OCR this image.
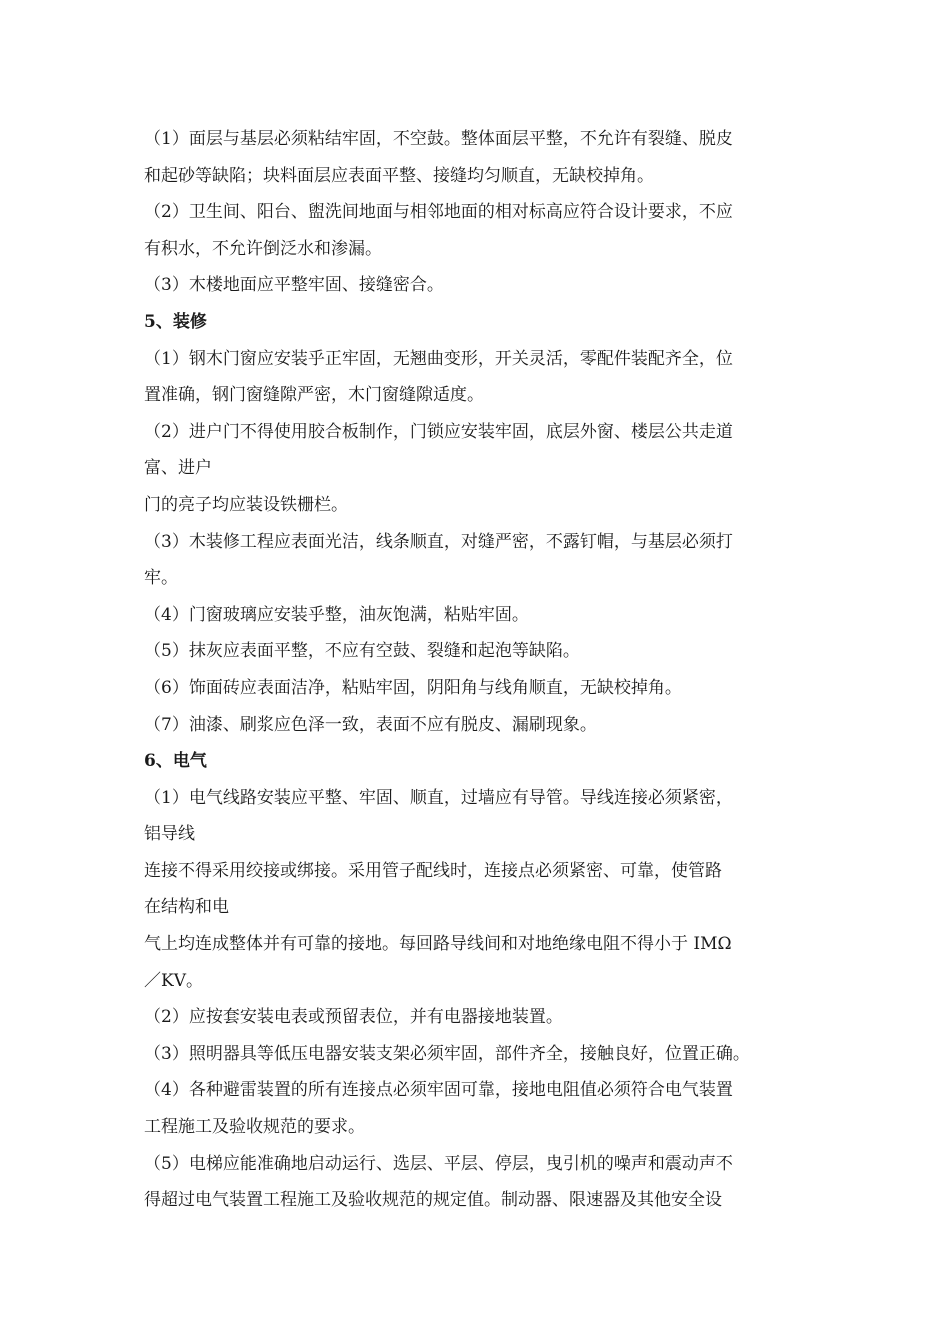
（1）面层与基层必须粘结牢固，不空鼓。整体面层平整，不允许有裂缝、脱皮
和起砂等缺陷；块料面层应表面平整、接缝均匀顺直，无缺校掉角。
（2）卫生间、阳台、盥洗间地面与相邻地面的相对标高应符合设计要求，不应
有积水，不允许倒泛水和渗漏。
（3）木楼地面应平整牢固、接缝密合。
5、装修
（1）钢木门窗应安装乎正牢固，无翘曲变形，开关灵活，零配件装配齐全，位
置准确，钢门窗缝隙严密，木门窗缝隙适度。
（2）进户门不得使用胶合板制作，门锁应安装牢固，底层外窗、楼层公共走道
富、进户
门的亮子均应装设铁栅栏。
（3）木装修工程应表面光洁，线条顺直，对缝严密，不露钉帽，与基层必须打
牢。
（4）门窗玻璃应安装乎整，油灰饱满，粘贴牢固。
（5）抹灰应表面平整，不应有空鼓、裂缝和起泡等缺陷。
（6）饰面砖应表面洁净，粘贴牢固，阴阳角与线角顺直，无缺校掉角。
（7）油漆、刷浆应色泽一致，表面不应有脱皮、漏刷现象。
6、电气
（1）电气线路安装应平整、牢固、顺直，过墙应有导管。导线连接必须紧密，
铝导线
连接不得采用绞接或绑接。采用管子配线时，连接点必须紧密、可靠，使管路
在结构和电
气上均连成整体并有可靠的接地。每回路导线间和对地绝缘电阻不得小于 IMΩ
／KV。
（2）应按套安装电表或预留表位，并有电器接地装置。
（3）照明器具等低压电器安装支架必须牢固，部件齐全，接触良好，位置正确。
（4）各种避雷装置的所有连接点必须牢固可靠，接地电阻值必须符合电气装置
工程施工及验收规范的要求。
（5）电梯应能准确地启动运行、选层、平层、停层，曳引机的噪声和震动声不
得超过电气装置工程施工及验收规范的规定值。制动器、限速器及其他安全设
